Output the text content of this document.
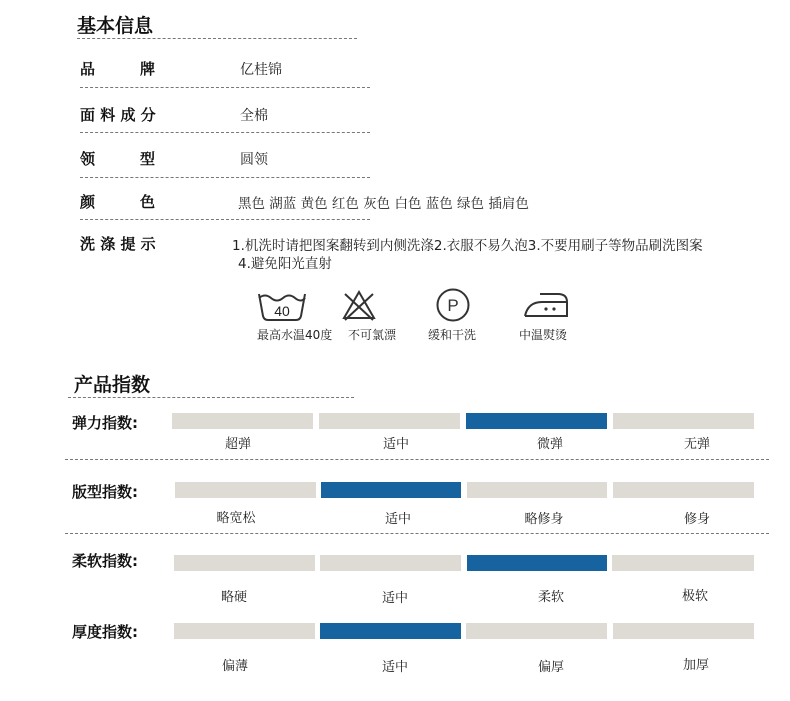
基本信息
品　　　牌	亿桂锦
面 料 成 分	全棉
领　　　型	圆领
颜　　　色	黑色 湖蓝 黄色 红色 灰色 白色 蓝色 绿色 插肩色
洗 涤 提 示	1.机洗时请把图案翻转到内侧洗涤2.衣服不易久泡3.不要用刷子等物品刷洗图案
4.避免阳光直射
40
最高水温40度 不可氯漂
P
缓和干洗	中温熨烫
产品指数
弹力指数:
超弹	适中	微弹	无弹
版型指数:
略宽松	适中	略修身	修身
柔软指数:
略硬	适中	柔软	极软
厚度指数:
偏薄	适中	偏厚	加厚
